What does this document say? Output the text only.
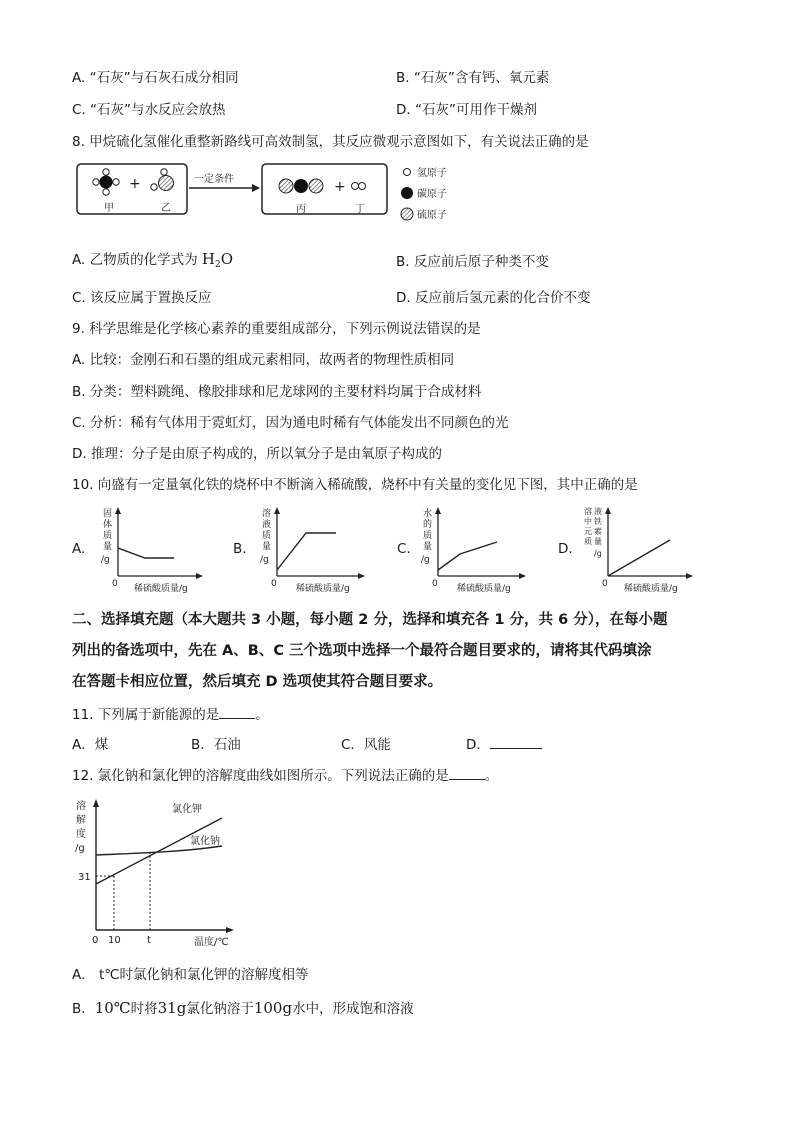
A. “石灰”与石灰石成分相同	B. “石灰”含有钙、氧元素
C. “石灰”与水反应会放热	D. “石灰”可用作干燥剂
8. 甲烷硫化氢催化重整新路线可高效制氢，其反应微观示意图如下，有关说法正确的是
+
甲	乙
一定条件	+
丙	丁
氢原子
碳原子
硫原子
A. 乙物质的化学式为 $H_2O$	B. 反应前后原子种类不变
C. 该反应属于置换反应	D. 反应前后氢元素的化合价不变
9. 科学思维是化学核心素养的重要组成部分，下列示例说法错误的是
A. 比较：金刚石和石墨的组成元素相同，故两者的物理性质相同
B. 分类：塑料跳绳、橡胶排球和尼龙球网的主要材料均属于合成材料
C. 分析：稀有气体用于霓虹灯，因为通电时稀有气体能发出不同颜色的光
D. 推理：分子是由原子构成的，所以氧分子是由氧原子构成的
10. 向盛有一定量氧化铁的烧杯中不断滴入稀硫酸，烧杯中有关量的变化见下图，其中正确的是
A.
固
体
质
量
/g
0 稀硫酸质量/g
B.
溶
液
质
量
/g
0 稀硫酸质量/g
C.
水
的
质
量
/g
0 稀硫酸质量/g
D.
溶 液
中 铁
元 素
质 量
/g
0 稀硫酸质量/g
二、选择填充题（本大题共 3 小题，每小题 2 分，选择和填充各 1 分，共 6 分），在每小题
列出的备选项中，先在 A、B、C 三个选项中选择一个最符合题目要求的，请将其代码填涂
在答题卡相应位置，然后填充 D 选项使其符合题目要求。
11. 下列属于新能源的是	。
A．煤	B．石油	C．风能	D．
12. 氯化钠和氯化钾的溶解度曲线如图所示。下列说法正确的是	。
溶
解
度
/g
氯化钾
氯化钠
31
0 10	t	温度/℃
A． t℃时氯化钠和氯化钾的溶解度相等
B．10℃时将31g氯化钠溶于100g水中，形成饱和溶液
